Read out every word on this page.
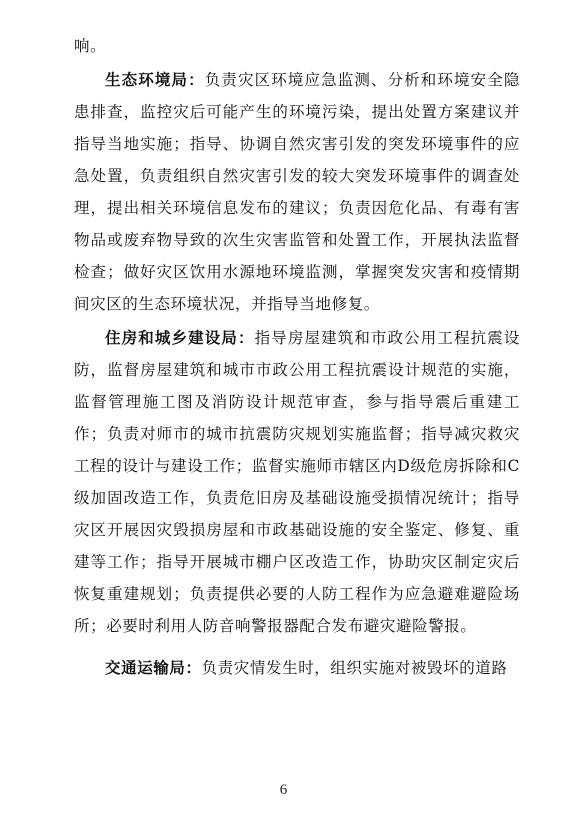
响。

生态环境局：负责灾区环境应急监测、分析和环境安全隐患排查，监控灾后可能产生的环境污染，提出处置方案建议并指导当地实施；指导、协调自然灾害引发的突发环境事件的应急处置，负责组织自然灾害引发的较大突发环境事件的调查处理，提出相关环境信息发布的建议；负责因危化品、有毒有害物品或废弃物导致的次生灾害监管和处置工作，开展执法监督检查；做好灾区饮用水源地环境监测，掌握突发灾害和疫情期间灾区的生态环境状况，并指导当地修复。

住房和城乡建设局：指导房屋建筑和市政公用工程抗震设防，监督房屋建筑和城市市政公用工程抗震设计规范的实施，监督管理施工图及消防设计规范审查，参与指导震后重建工作；负责对师市的城市抗震防灾规划实施监督；指导减灾救灾工程的设计与建设工作；监督实施师市辖区内D级危房拆除和C级加固改造工作，负责危旧房及基础设施受损情况统计；指导灾区开展因灾毁损房屋和市政基础设施的安全鉴定、修复、重建等工作；指导开展城市棚户区改造工作，协助灾区制定灾后恢复重建规划；负责提供必要的人防工程作为应急避难避险场所；必要时利用人防音响警报器配合发布避灾避险警报。

交通运输局：负责灾情发生时，组织实施对被毁坏的道路

6
